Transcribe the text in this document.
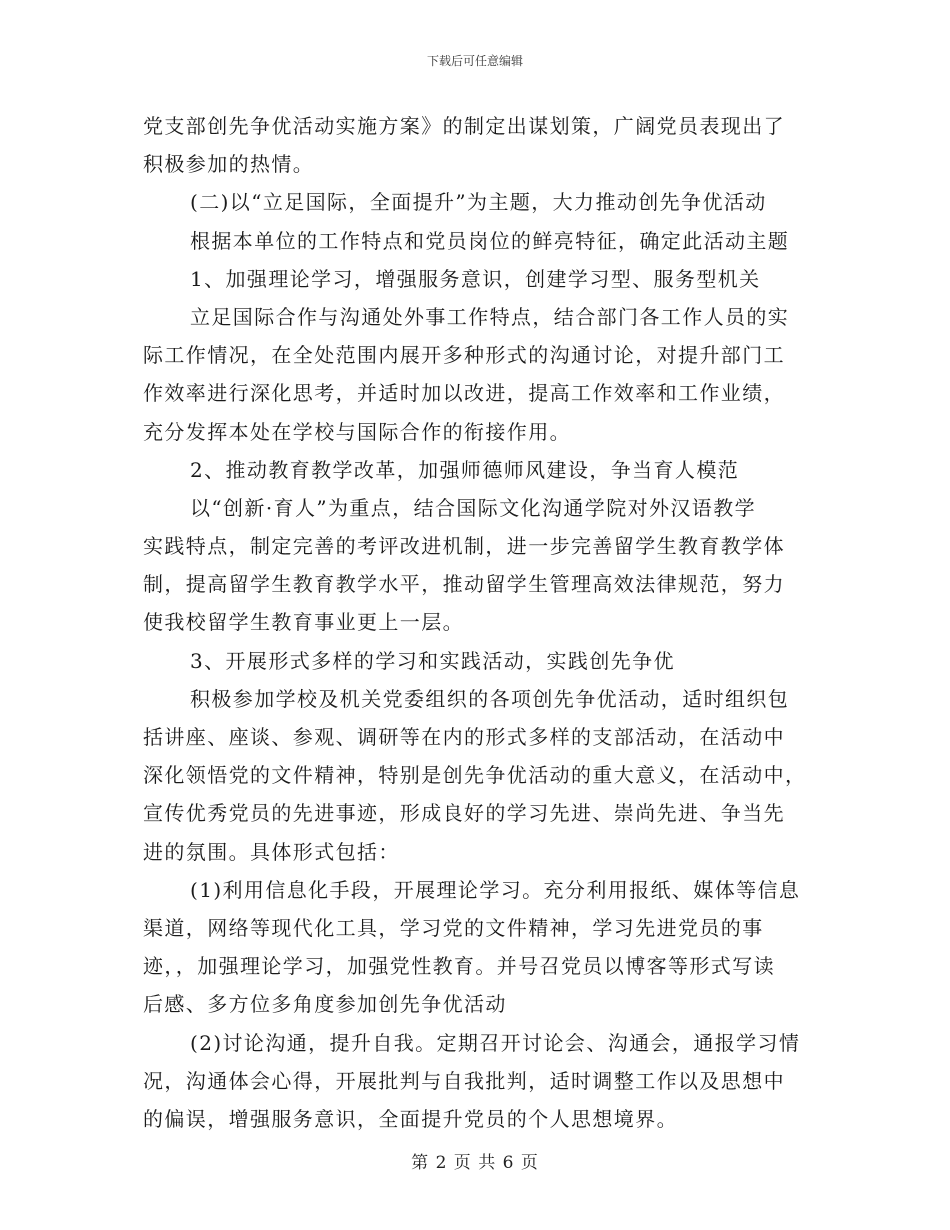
下载后可任意编辑
党支部创先争优活动实施方案》的制定出谋划策，广阔党员表现出了
积极参加的热情。
(二)以“立足国际，全面提升”为主题，大力推动创先争优活动
根据本单位的工作特点和党员岗位的鲜亮特征，确定此活动主题
1、加强理论学习，增强服务意识，创建学习型、服务型机关
立足国际合作与沟通处外事工作特点，结合部门各工作人员的实
际工作情况，在全处范围内展开多种形式的沟通讨论，对提升部门工
作效率进行深化思考，并适时加以改进，提高工作效率和工作业绩，
充分发挥本处在学校与国际合作的衔接作用。
2、推动教育教学改革，加强师德师风建设，争当育人模范
以“创新·育人”为重点，结合国际文化沟通学院对外汉语教学
实践特点，制定完善的考评改进机制，进一步完善留学生教育教学体
制，提高留学生教育教学水平，推动留学生管理高效法律规范，努力
使我校留学生教育事业更上一层。
3、开展形式多样的学习和实践活动，实践创先争优
积极参加学校及机关党委组织的各项创先争优活动，适时组织包
括讲座、座谈、参观、调研等在内的形式多样的支部活动，在活动中
深化领悟党的文件精神，特别是创先争优活动的重大意义，在活动中，
宣传优秀党员的先进事迹，形成良好的学习先进、崇尚先进、争当先
进的氛围。具体形式包括：
(1)利用信息化手段，开展理论学习。充分利用报纸、媒体等信息
渠道，网络等现代化工具，学习党的文件精神，学习先进党员的事
迹，，加强理论学习，加强党性教育。并号召党员以博客等形式写读
后感、多方位多角度参加创先争优活动
(2)讨论沟通，提升自我。定期召开讨论会、沟通会，通报学习情
况，沟通体会心得，开展批判与自我批判，适时调整工作以及思想中
的偏误，增强服务意识，全面提升党员的个人思想境界。
第 2 页 共 6 页
